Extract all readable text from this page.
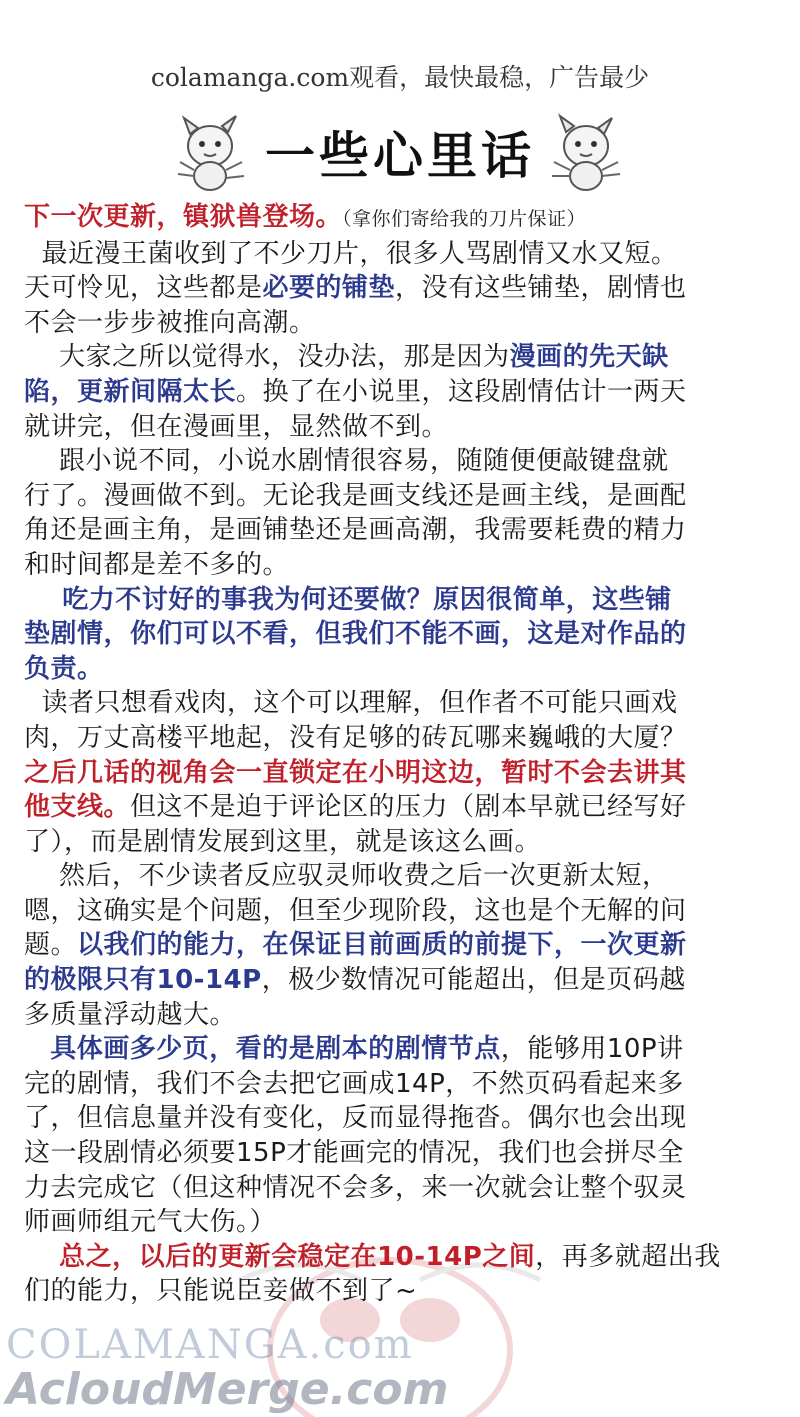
colamanga.com观看，最快最稳，广告最少
一些心里话
下一次更新，镇狱兽登场。（拿你们寄给我的刀片保证）
最近漫王菌收到了不少刀片，很多人骂剧情又水又短。
天可怜见，这些都是必要的铺垫，没有这些铺垫，剧情也
不会一步步被推向高潮。
大家之所以觉得水，没办法，那是因为漫画的先天缺
陷，更新间隔太长。换了在小说里，这段剧情估计一两天
就讲完，但在漫画里，显然做不到。
跟小说不同，小说水剧情很容易，随随便便敲键盘就
行了。漫画做不到。无论我是画支线还是画主线，是画配
角还是画主角，是画铺垫还是画高潮，我需要耗费的精力
和时间都是差不多的。
吃力不讨好的事我为何还要做？原因很简单，这些铺
垫剧情，你们可以不看，但我们不能不画，这是对作品的
负责。
读者只想看戏肉，这个可以理解，但作者不可能只画戏
肉，万丈高楼平地起，没有足够的砖瓦哪来巍峨的大厦？
之后几话的视角会一直锁定在小明这边，暂时不会去讲其
他支线。但这不是迫于评论区的压力（剧本早就已经写好
了），而是剧情发展到这里，就是该这么画。
然后，不少读者反应驭灵师收费之后一次更新太短，
嗯，这确实是个问题，但至少现阶段，这也是个无解的问
题。以我们的能力，在保证目前画质的前提下，一次更新
的极限只有10-14P，极少数情况可能超出，但是页码越
多质量浮动越大。
具体画多少页，看的是剧本的剧情节点，能够用10P讲
完的剧情，我们不会去把它画成14P，不然页码看起来多
了，但信息量并没有变化，反而显得拖沓。偶尔也会出现
这一段剧情必须要15P才能画完的情况，我们也会拼尽全
力去完成它（但这种情况不会多，来一次就会让整个驭灵
师画师组元气大伤。）
总之，以后的更新会稳定在10-14P之间，再多就超出我
们的能力，只能说臣妾做不到了~
COLAMANGA.com
AcloudMerge.com
